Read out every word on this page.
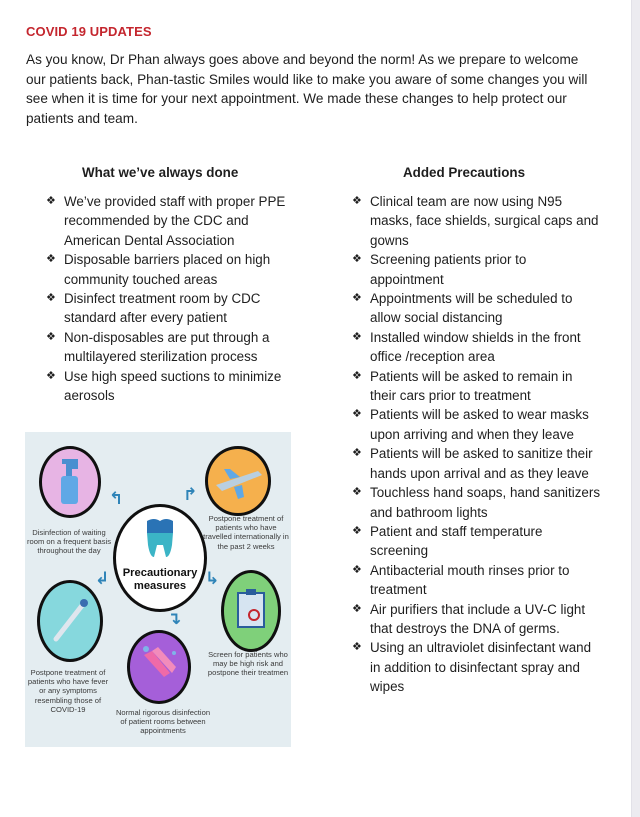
COVID 19 UPDATES
As you know, Dr Phan always goes above and beyond the norm! As we prepare to welcome our patients back, Phan-tastic Smiles would like to make you aware of some changes you will see when it is time for your next appointment. We made these changes to help protect our patients and team.
What we’ve always done	Added Precautions
❖ We’ve provided staff with proper PPE recommended by the CDC and American Dental Association
❖ Disposable barriers placed on high community touched areas
❖ Disinfect treatment room by CDC standard after every patient
❖ Non-disposables are put through a multilayered sterilization process
❖ Use high speed suctions to minimize aerosols
❖ Clinical team are now using N95 masks, face shields, surgical caps and gowns
❖ Screening patients prior to appointment
❖ Appointments will be scheduled to allow social distancing
❖ Installed window shields in the front office /reception area
❖ Patients will be asked to remain in their cars prior to treatment
❖ Patients will be asked to wear masks upon arriving and when they leave
❖ Patients will be asked to sanitize their hands upon arrival and as they leave
❖ Touchless hand soaps, hand sanitizers and bathroom lights
❖ Patient and staff temperature screening
❖ Antibacterial mouth rinses prior to treatment
❖ Air purifiers that include a UV-C light that destroys the DNA of germs.
❖ Using an ultraviolet disinfectant wand in addition to disinfectant spray and wipes
↰	↱
Disinfection of waiting room on a frequent basis throughout the day
Postpone treatment of patients who have travelled internationally in the past 2 weeks
Precautionary
measures
↲	↳
↴
Screen for patients who may be high risk and postpone their treatmen
Postpone treatment of patients who have fever or any symptoms resembling those of COVID-19	Normal rigorous disinfection of patient rooms between appointments
